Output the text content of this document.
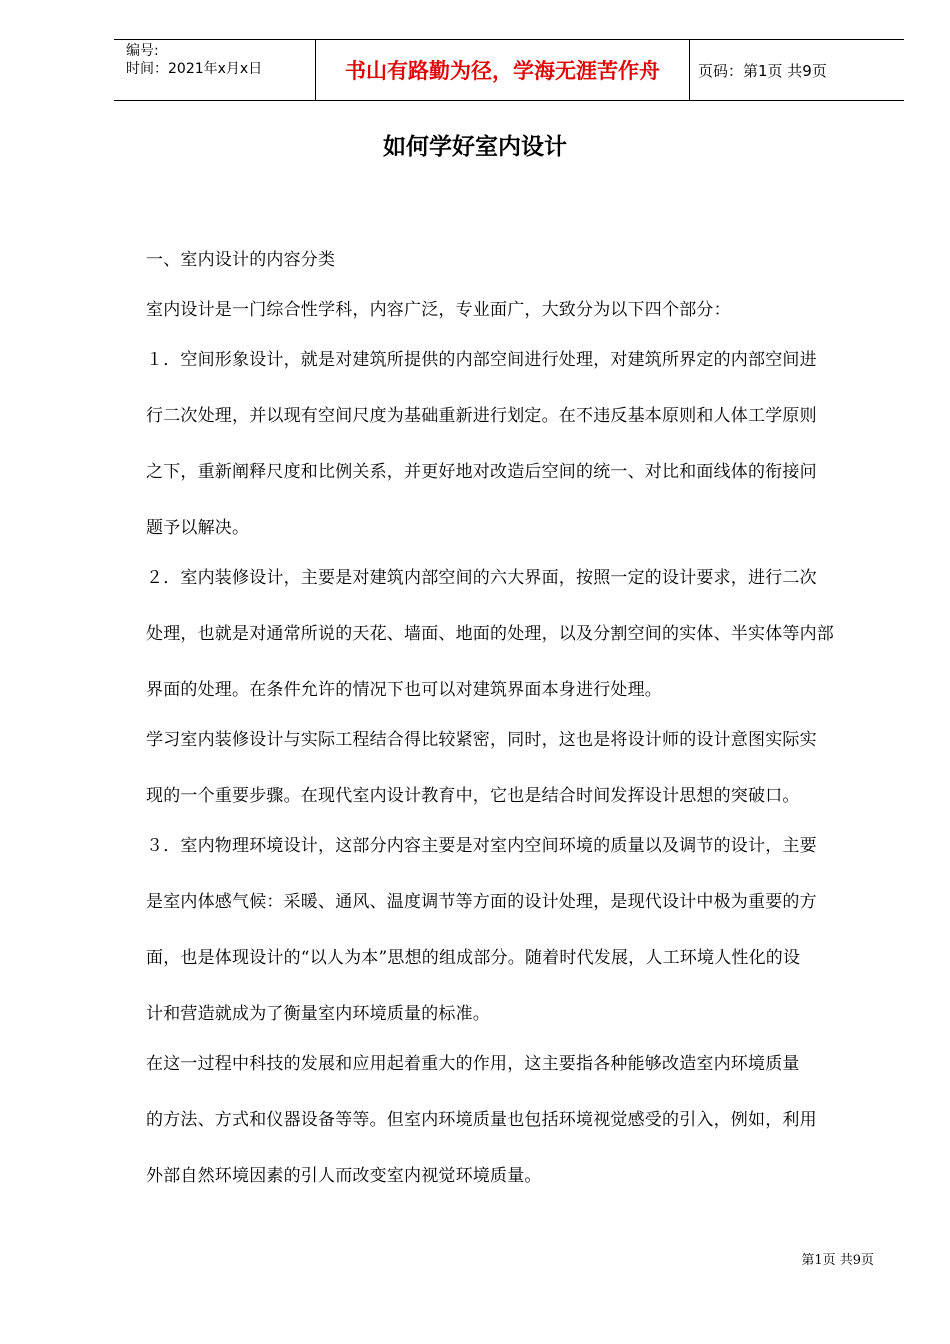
编号:
时间：2021年x月x日	书山有路勤为径，学海无涯苦作舟	页码：第1页 共9页
如何学好室内设计
一、室内设计的内容分类
室内设计是一门综合性学科，内容广泛，专业面广，大致分为以下四个部分：
１．空间形象设计，就是对建筑所提供的内部空间进行处理，对建筑所界定的内部空间进
行二次处理，并以现有空间尺度为基础重新进行划定。在不违反基本原则和人体工学原则
之下，重新阐释尺度和比例关系，并更好地对改造后空间的统一、对比和面线体的衔接问
题予以解决。
２．室内装修设计，主要是对建筑内部空间的六大界面，按照一定的设计要求，进行二次
处理，也就是对通常所说的天花、墙面、地面的处理，以及分割空间的实体、半实体等内部
界面的处理。在条件允许的情况下也可以对建筑界面本身进行处理。
学习室内装修设计与实际工程结合得比较紧密，同时，这也是将设计师的设计意图实际实
现的一个重要步骤。在现代室内设计教育中，它也是结合时间发挥设计思想的突破口。
３．室内物理环境设计，这部分内容主要是对室内空间环境的质量以及调节的设计，主要
是室内体感气候：采暖、通风、温度调节等方面的设计处理，是现代设计中极为重要的方
面，也是体现设计的“以人为本”思想的组成部分。随着时代发展，人工环境人性化的设
计和营造就成为了衡量室内环境质量的标准。
在这一过程中科技的发展和应用起着重大的作用，这主要指各种能够改造室内环境质量
的方法、方式和仪器设备等等。但室内环境质量也包括环境视觉感受的引入，例如，利用
外部自然环境因素的引人而改变室内视觉环境质量。
第1页 共9页
